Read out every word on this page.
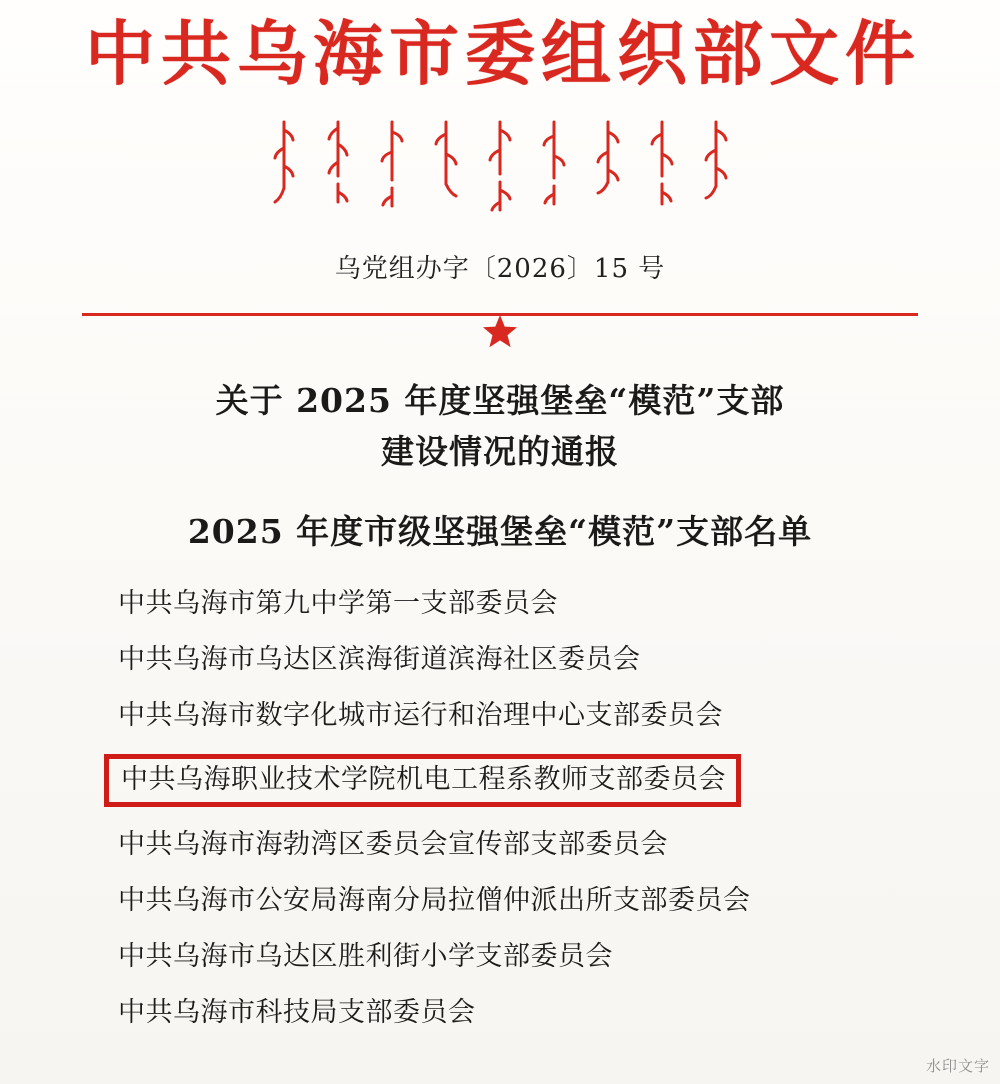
中共乌海市委组织部文件
乌党组办字〔2026〕15 号
关于 2025 年度坚强堡垒“模范”支部
建设情况的通报
2025 年度市级坚强堡垒“模范”支部名单
中共乌海市第九中学第一支部委员会
中共乌海市乌达区滨海街道滨海社区委员会
中共乌海市数字化城市运行和治理中心支部委员会
中共乌海职业技术学院机电工程系教师支部委员会
中共乌海市海勃湾区委员会宣传部支部委员会
中共乌海市公安局海南分局拉僧仲派出所支部委员会
中共乌海市乌达区胜利街小学支部委员会
中共乌海市科技局支部委员会
水印文字
